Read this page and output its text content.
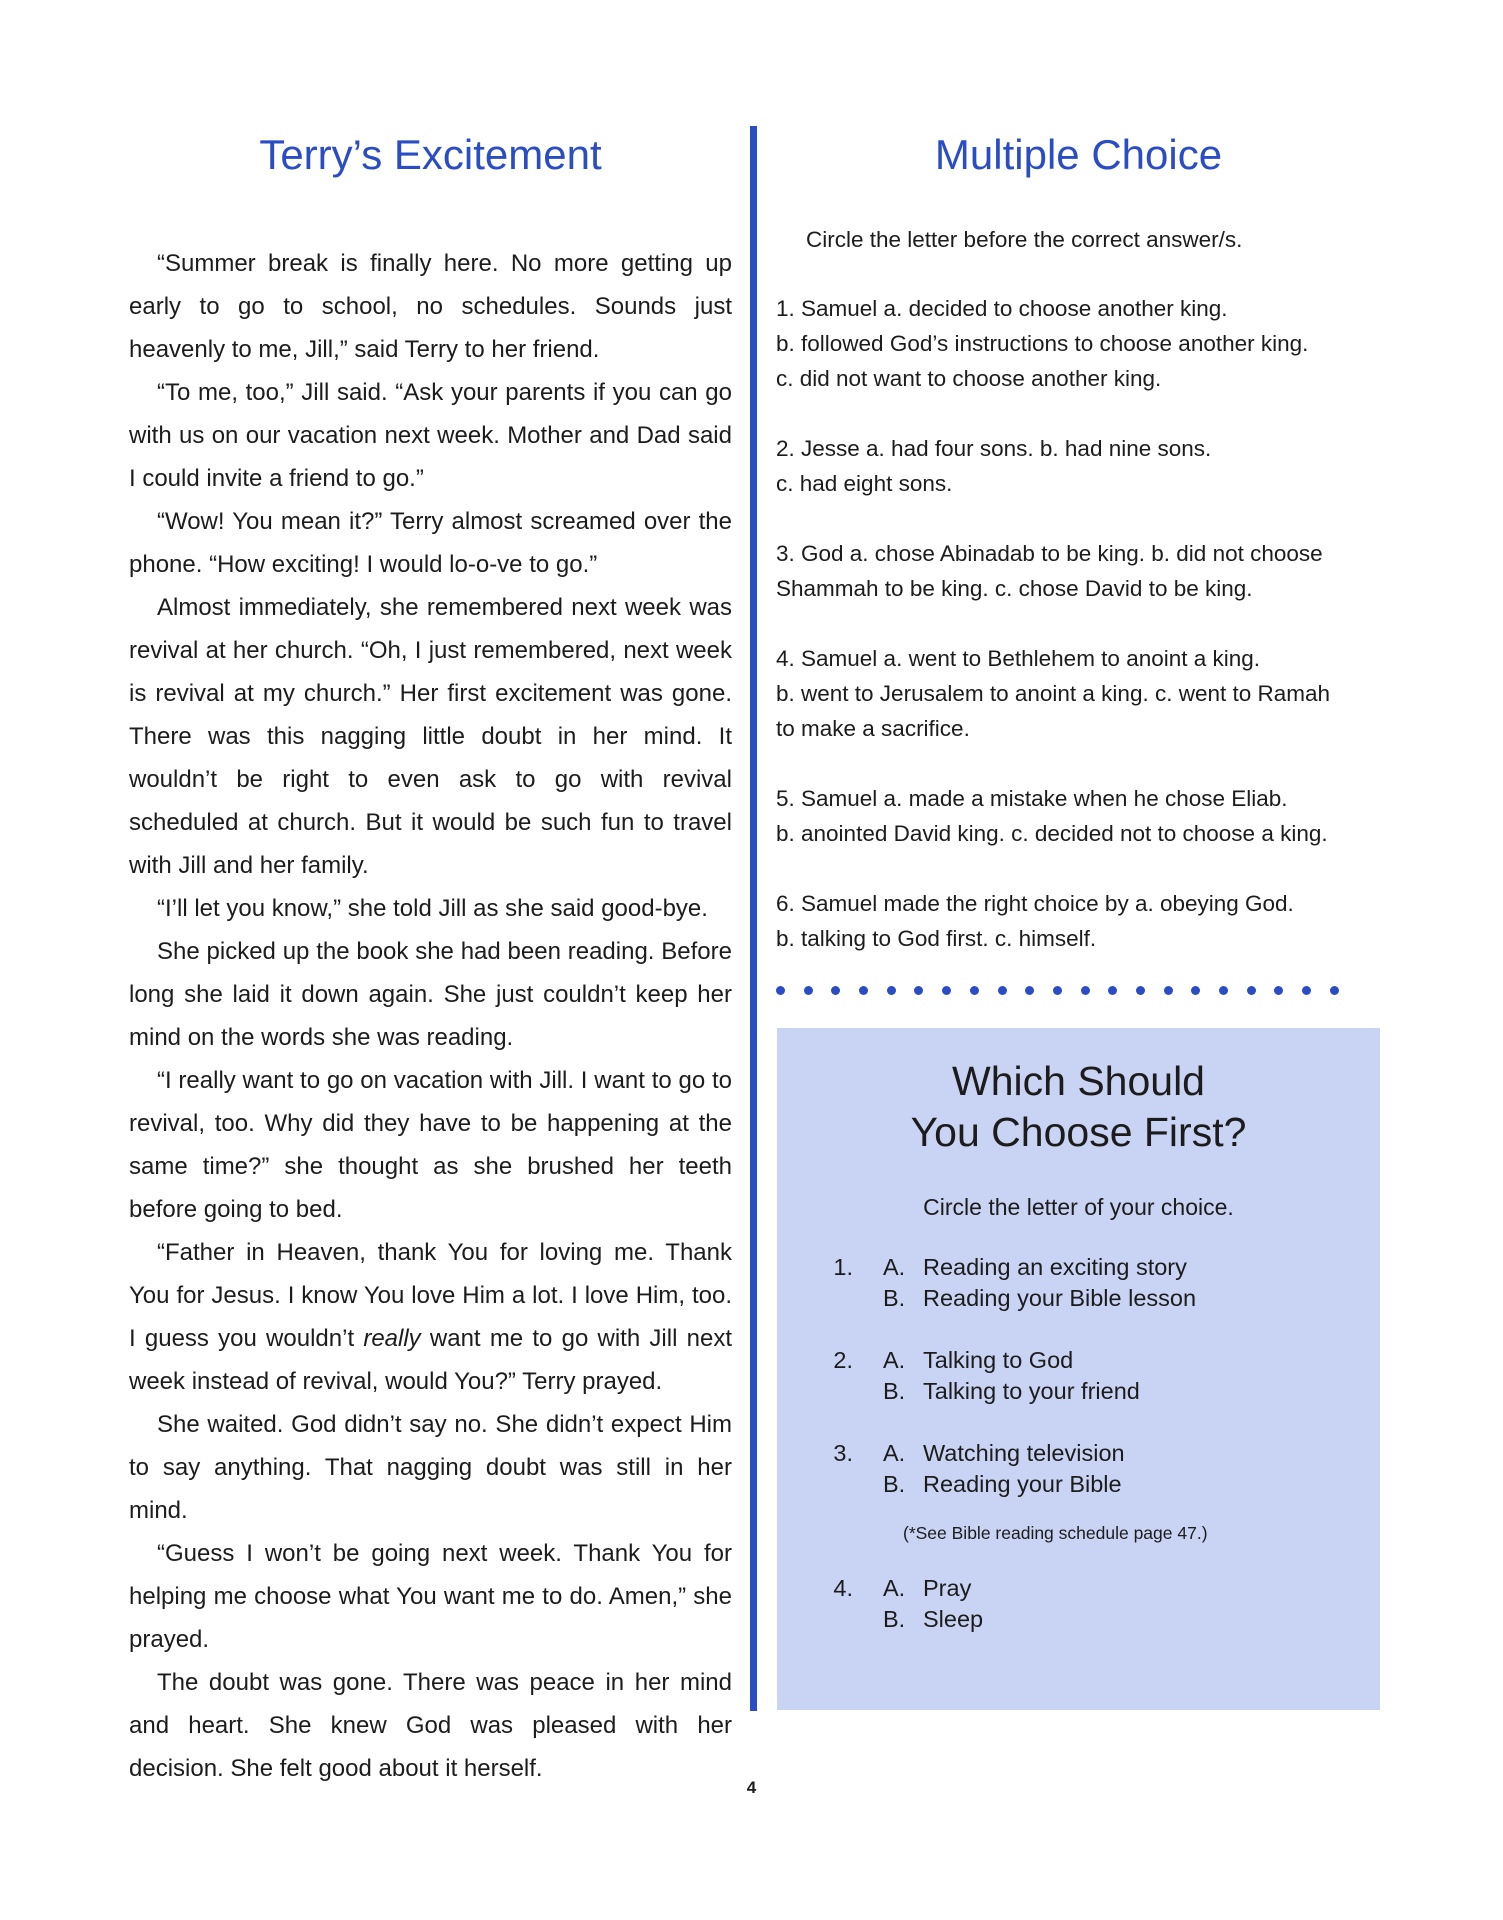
Terry’s Excitement

“Summer break is finally here. No more getting up early to go to school, no schedules. Sounds just heavenly to me, Jill,” said Terry to her friend.

“To me, too,” Jill said. “Ask your parents if you can go with us on our vacation next week. Mother and Dad said I could invite a friend to go.”

“Wow! You mean it?” Terry almost screamed over the phone. “How exciting! I would lo-o-ve to go.”

Almost immediately, she remembered next week was revival at her church. “Oh, I just remembered, next week is revival at my church.” Her first excitement was gone. There was this nagging little doubt in her mind. It wouldn’t be right to even ask to go with revival scheduled at church. But it would be such fun to travel with Jill and her family.

“I’ll let you know,” she told Jill as she said good-bye.

She picked up the book she had been reading. Before long she laid it down again. She just couldn’t keep her mind on the words she was reading.

“I really want to go on vacation with Jill. I want to go to revival, too. Why did they have to be happening at the same time?” she thought as she brushed her teeth before going to bed.

“Father in Heaven, thank You for loving me. Thank You for Jesus. I know You love Him a lot. I love Him, too. I guess you wouldn’t really want me to go with Jill next week instead of revival, would You?” Terry prayed.

She waited. God didn’t say no. She didn’t expect Him to say anything. That nagging doubt was still in her mind.

“Guess I won’t be going next week. Thank You for helping me choose what You want me to do. Amen,” she prayed.

The doubt was gone. There was peace in her mind and heart. She knew God was pleased with her decision. She felt good about it herself.

Multiple Choice
Circle the letter before the correct answer/s.
1. Samuel a. decided to choose another king.
b. followed God’s instructions to choose another king.
c. did not want to choose another king.
2. Jesse a. had four sons. b. had nine sons.
c. had eight sons.
3. God a. chose Abinadab to be king. b. did not choose
Shammah to be king. c. chose David to be king.
4. Samuel a. went to Bethlehem to anoint a king.
b. went to Jerusalem to anoint a king. c. went to Ramah
to make a sacrifice.
5. Samuel a. made a mistake when he chose Eliab.
b. anointed David king. c. decided not to choose a king.
6. Samuel made the right choice by a. obeying God.
b. talking to God first. c. himself.
Which Should
You Choose First?
Circle the letter of your choice.
1. A. Reading an exciting story
B. Reading your Bible lesson
2. A. Talking to God
B. Talking to your friend
3. A. Watching television
B. Reading your Bible
(*See Bible reading schedule page 47.)
4. A. Pray
B. Sleep
4
